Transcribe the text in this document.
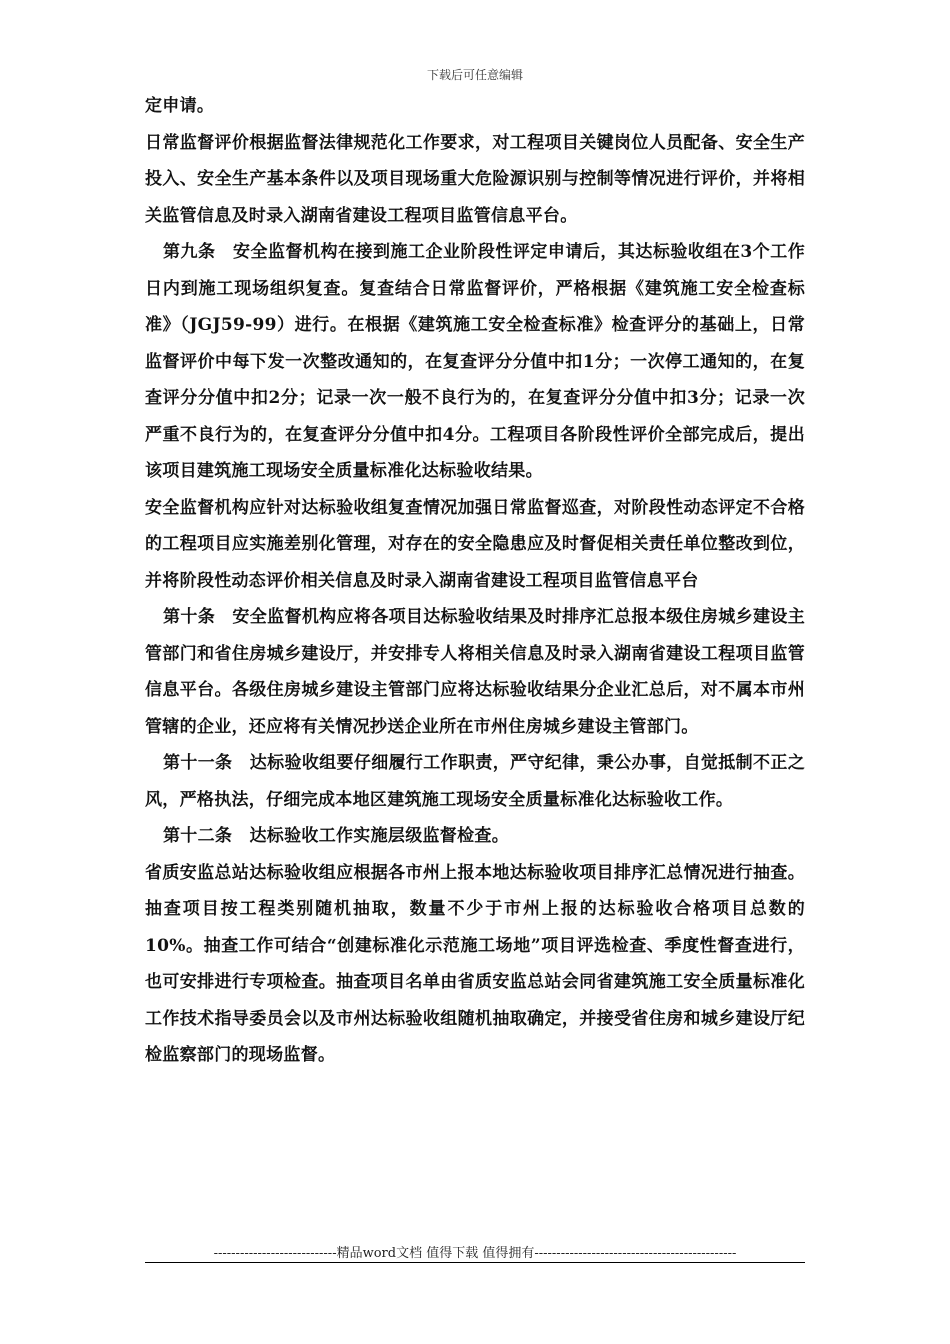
下载后可任意编辑

定申请。

日常监督评价根据监督法律规范化工作要求，对工程项目关键岗位人员配备、安全生产投入、安全生产基本条件以及项目现场重大危险源识别与控制等情况进行评价，并将相关监管信息及时录入湖南省建设工程项目监管信息平台。

第九条　安全监督机构在接到施工企业阶段性评定申请后，其达标验收组在3个工作日内到施工现场组织复查。复查结合日常监督评价，严格根据《建筑施工安全检查标准》（JGJ59-99）进行。在根据《建筑施工安全检查标准》检查评分的基础上，日常监督评价中每下发一次整改通知的，在复查评分分值中扣1分；一次停工通知的，在复查评分分值中扣2分；记录一次一般不良行为的，在复查评分分值中扣3分；记录一次严重不良行为的，在复查评分分值中扣4分。工程项目各阶段性评价全部完成后，提出该项目建筑施工现场安全质量标准化达标验收结果。

安全监督机构应针对达标验收组复查情况加强日常监督巡查，对阶段性动态评定不合格的工程项目应实施差别化管理，对存在的安全隐患应及时督促相关责任单位整改到位，并将阶段性动态评价相关信息及时录入湖南省建设工程项目监管信息平台

第十条　安全监督机构应将各项目达标验收结果及时排序汇总报本级住房城乡建设主管部门和省住房城乡建设厅，并安排专人将相关信息及时录入湖南省建设工程项目监管信息平台。各级住房城乡建设主管部门应将达标验收结果分企业汇总后，对不属本市州管辖的企业，还应将有关情况抄送企业所在市州住房城乡建设主管部门。

第十一条　达标验收组要仔细履行工作职责，严守纪律，秉公办事，自觉抵制不正之风，严格执法，仔细完成本地区建筑施工现场安全质量标准化达标验收工作。

第十二条　达标验收工作实施层级监督检查。

省质安监总站达标验收组应根据各市州上报本地达标验收项目排序汇总情况进行抽查。抽查项目按工程类别随机抽取，数量不少于市州上报的达标验收合格项目总数的10%。抽查工作可结合“创建标准化示范施工场地”项目评选检查、季度性督查进行，也可安排进行专项检查。抽查项目名单由省质安监总站会同省建筑施工安全质量标准化工作技术指导委员会以及市州达标验收组随机抽取确定，并接受省住房和城乡建设厅纪检监察部门的现场监督。

----------------------------精品word文档 值得下载 值得拥有----------------------------------------------
